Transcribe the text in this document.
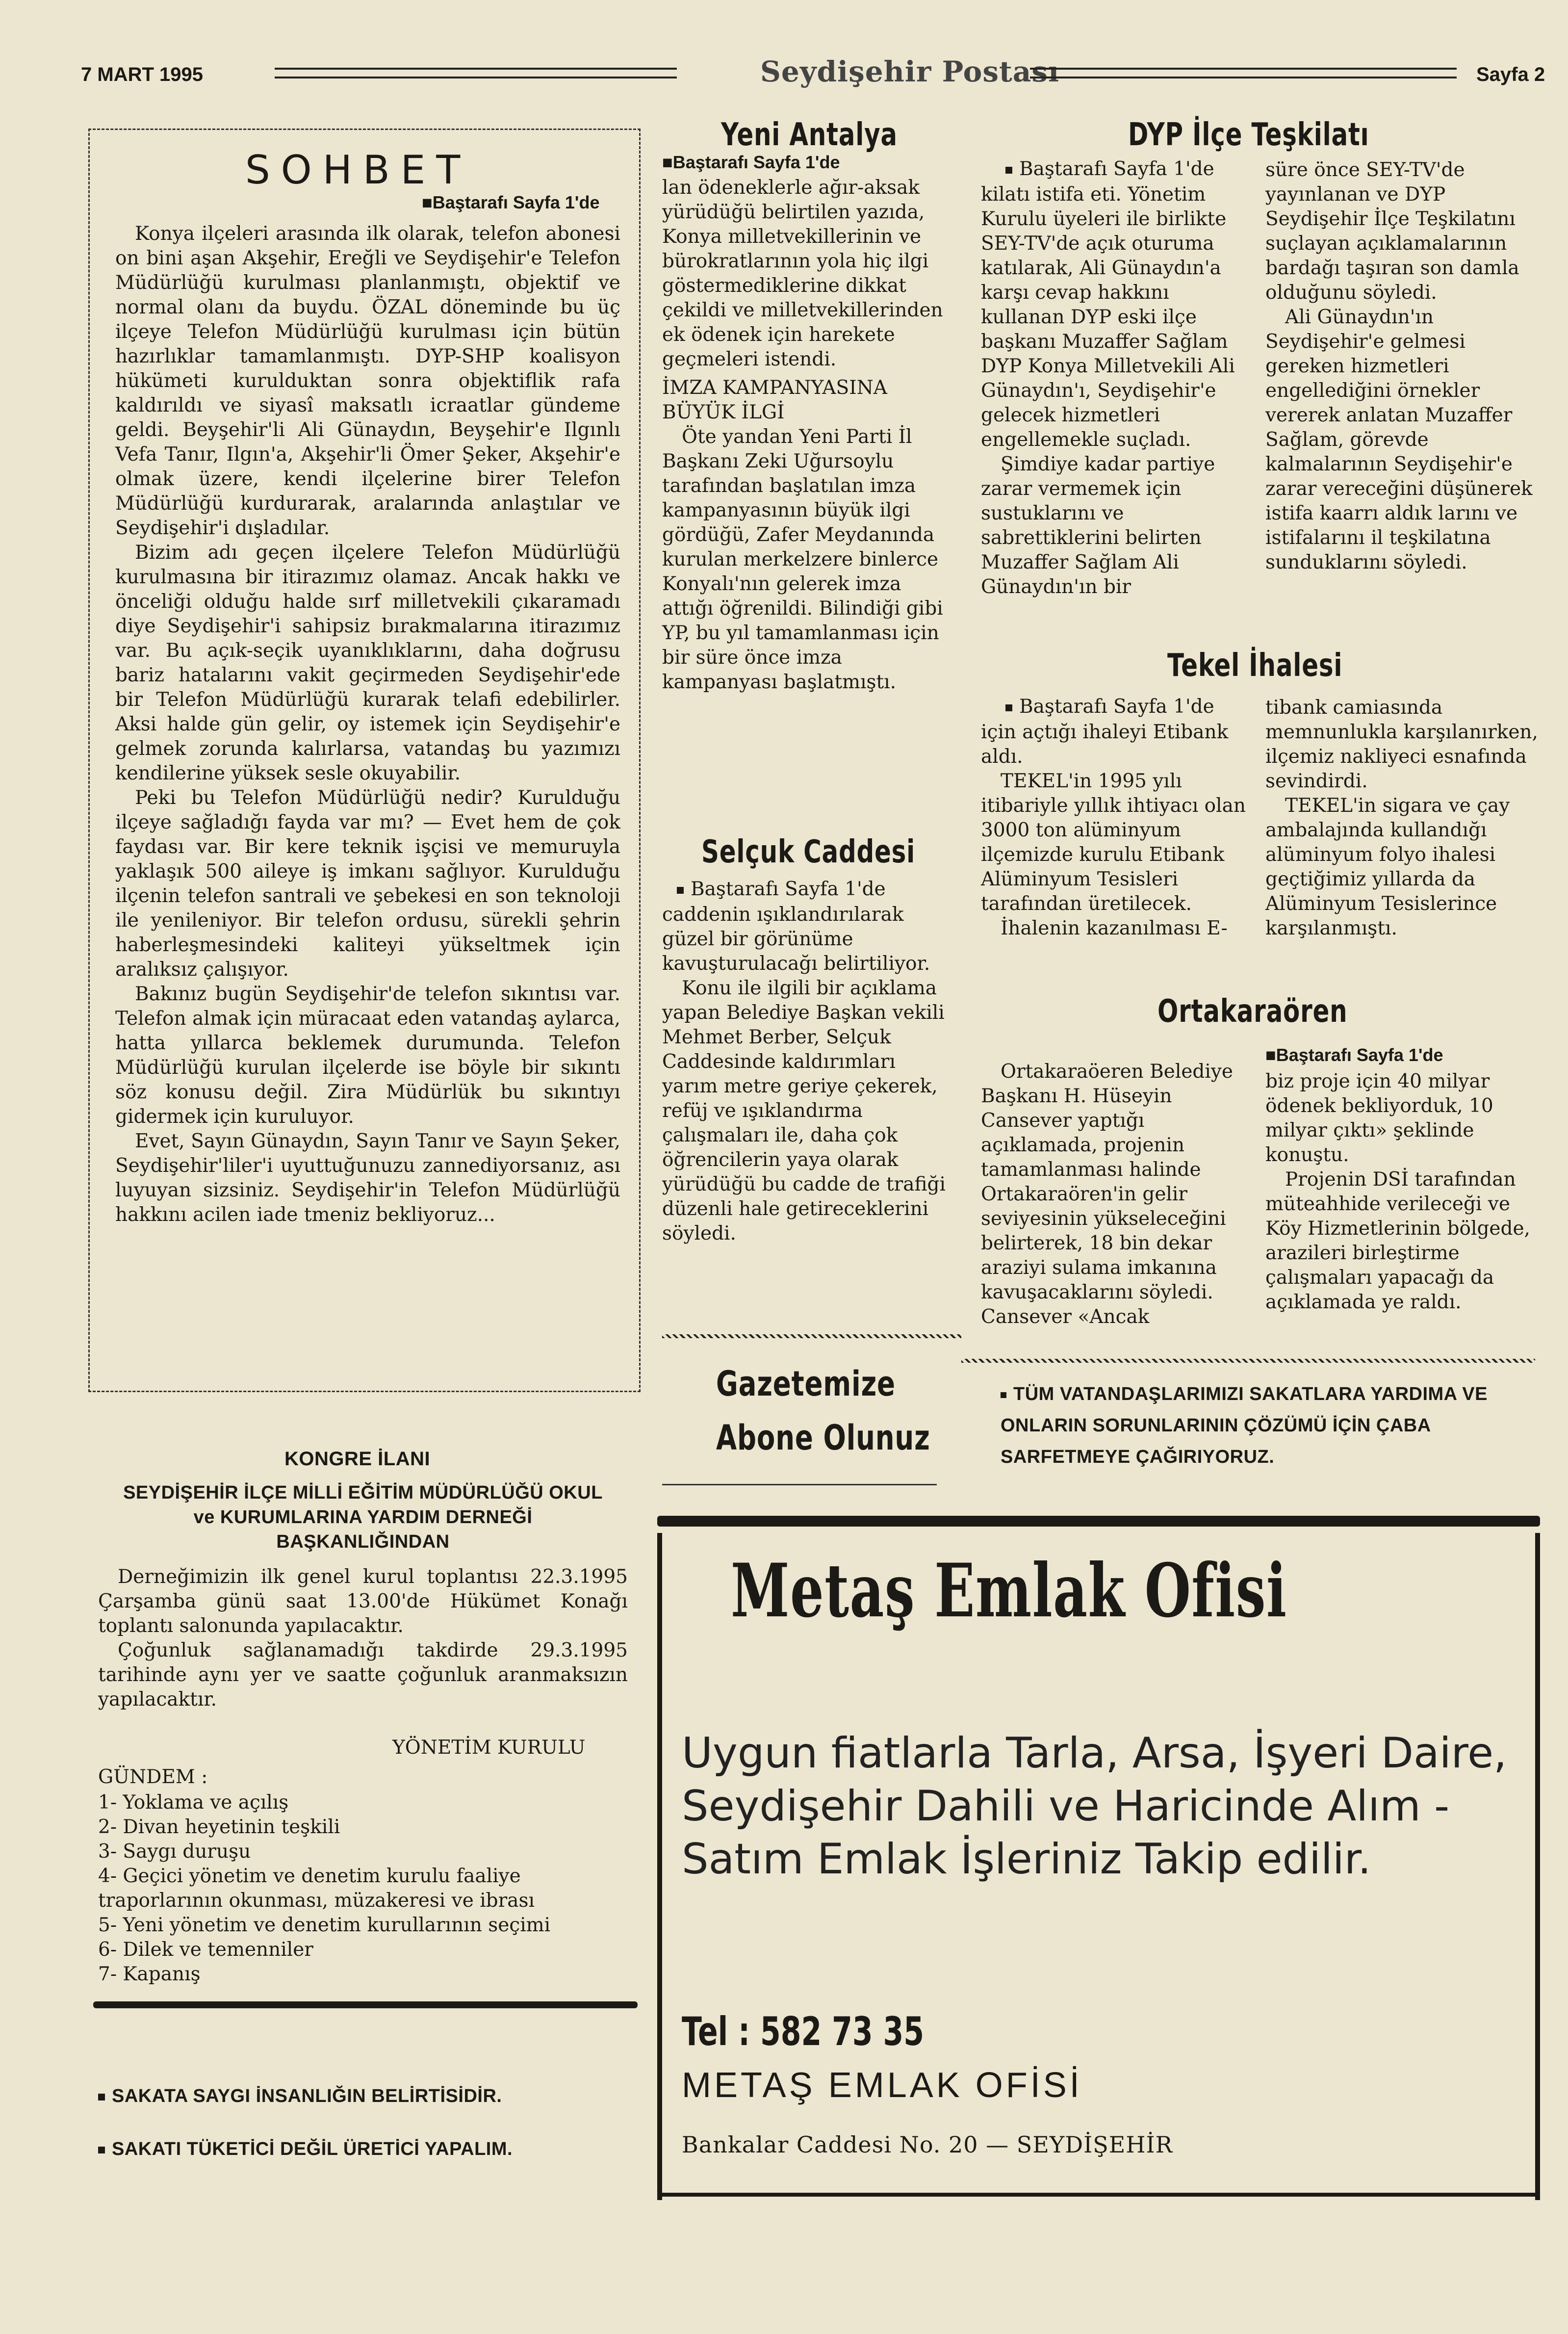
7 MART 1995	Seydişehir Postası	Sayfa 2
SOHBET
■Baştarafı Sayfa 1'de

Konya ilçeleri arasında ilk olarak, telefon abonesi on bini aşan Akşehir, Ereğli ve Seydişehir'e Telefon Müdürlüğü kurulması planlanmıştı, objektif ve normal olanı da buydu. ÖZAL döneminde bu üç ilçeye Telefon Müdürlüğü kurulması için bütün hazırlıklar tamamlanmıştı. DYP-SHP koalisyon hükümeti kurulduktan sonra objektiflik rafa kaldırıldı ve siyasî maksatlı icraatlar gündeme geldi. Beyşehir'li Ali Günaydın, Beyşehir'e Ilgınlı Vefa Tanır, Ilgın'a, Akşehir'li Ömer Şeker, Akşehir'e olmak üzere, kendi ilçelerine birer Telefon Müdürlüğü kurdurarak, aralarında anlaştılar ve Seydişehir'i dışladılar.

Bizim adı geçen ilçelere Telefon Müdürlüğü kurulmasına bir itirazımız olamaz. Ancak hakkı ve önceliği olduğu halde sırf milletvekili çıkaramadı diye Seydişehir'i sahipsiz bırakmalarına itirazımız var. Bu açık-seçik uyanıklıklarını, daha doğrusu bariz hatalarını vakit geçirmeden Seydişehir'ede bir Telefon Müdürlüğü kurarak telafi edebilirler. Aksi halde gün gelir, oy istemek için Seydişehir'e gelmek zorunda kalırlarsa, vatandaş bu yazımızı kendilerine yüksek sesle okuyabilir.

Peki bu Telefon Müdürlüğü nedir? Kurulduğu ilçeye sağladığı fayda var mı? — Evet hem de çok faydası var. Bir kere teknik işçisi ve memuruyla yaklaşık 500 aileye iş imkanı sağlıyor. Kurulduğu ilçenin telefon santrali ve şebekesi en son teknoloji ile yenileniyor. Bir telefon ordusu, sürekli şehrin haberleşmesindeki kaliteyi yükseltmek için aralıksız çalışıyor.

Bakınız bugün Seydişehir'de telefon sıkıntısı var. Telefon almak için müracaat eden vatandaş aylarca, hatta yıllarca beklemek durumunda. Telefon Müdürlüğü kurulan ilçelerde ise böyle bir sıkıntı söz konusu değil. Zira Müdürlük bu sıkıntıyı gidermek için kuruluyor.

Evet, Sayın Günaydın, Sayın Tanır ve Sayın Şeker, Seydişehir'liler'i uyuttuğunuzu zannediyorsanız, ası luyuyan sizsiniz. Seydişehir'in Telefon Müdürlüğü hakkını acilen iade tmeniz bekliyoruz...

KONGRE İLANI
SEYDİŞEHİR İLÇE MİLLİ EĞİTİM MÜDÜRLÜĞÜ OKUL ve KURUMLARINA YARDIM DERNEĞİ BAŞKANLIĞINDAN

Derneğimizin ilk genel kurul toplantısı 22.3.1995 Çarşamba günü saat 13.00'de Hükümet Konağı toplantı salonunda yapılacaktır.

Çoğunluk sağlanamadığı takdirde 29.3.1995 tarihinde aynı yer ve saatte çoğunluk aranmaksızın yapılacaktır.

YÖNETİM KURULU
GÜNDEM :
1- Yoklama ve açılış
2- Divan heyetinin teşkili
3- Saygı duruşu
4- Geçici yönetim ve denetim kurulu faaliye traporlarının okunması, müzakeresi ve ibrası
5- Yeni yönetim ve denetim kurullarının seçimi
6- Dilek ve temenniler
7- Kapanış
SAKATA SAYGI İNSANLIĞIN BELİRTİSİDİR.
SAKATI TÜKETİCİ DEĞİL ÜRETİCİ YAPALIM.
Yeni Antalya
■Baştarafı Sayfa 1'de

lan ödeneklerle ağır-aksak yürüdüğü belirtilen yazıda, Konya milletvekillerinin ve bürokratlarının yola hiç ilgi göstermediklerine dikkat çekildi ve milletvekillerinden ek ödenek için harekete geçmeleri istendi.

İMZA KAMPANYASINA BÜYÜK İLGİ

Öte yandan Yeni Parti İl Başkanı Zeki Uğursoylu tarafından başlatılan imza kampanyasının büyük ilgi gördüğü, Zafer Meydanında kurulan merkelzere binlerce Konyalı'nın gelerek imza attığı öğrenildi. Bilindiği gibi YP, bu yıl tamamlanması için bir süre önce imza kampanyası başlatmıştı.

Selçuk Caddesi
Baştarafı Sayfa 1'de

caddenin ışıklandırılarak güzel bir görünüme kavuşturulacağı belirtiliyor.

Konu ile ilgili bir açıklama yapan Belediye Başkan vekili Mehmet Berber, Selçuk Caddesinde kaldırımları yarım metre geriye çekerek, refüj ve ışıklandırma çalışmaları ile, daha çok öğrencilerin yaya olarak yürüdüğü bu cadde de trafiği düzenli hale getireceklerini söyledi.

Gazetemize
Abone Olunuz
DYP İlçe Teşkilatı
Baştarafı Sayfa 1'de

kilatı istifa eti. Yönetim Kurulu üyeleri ile birlikte SEY-TV'de açık oturuma katılarak, Ali Günaydın'a karşı cevap hakkını kullanan DYP eski ilçe başkanı Muzaffer Sağlam DYP Konya Milletvekili Ali Günaydın'ı, Seydişehir'e gelecek hizmetleri engellemekle suçladı.

Şimdiye kadar partiye zarar vermemek için sustuklarını ve sabrettiklerini belirten Muzaffer Sağlam Ali Günaydın'ın bir

süre önce SEY-TV'de yayınlanan ve DYP Seydişehir İlçe Teşkilatını suçlayan açıklamalarının bardağı taşıran son damla olduğunu söyledi.

Ali Günaydın'ın Seydişehir'e gelmesi gereken hizmetleri engellediğini örnekler vererek anlatan Muzaffer Sağlam, görevde kalmalarının Seydişehir'e zarar vereceğini düşünerek istifa kaarrı aldık larını ve istifalarını il teşkilatına sunduklarını söyledi.

Tekel İhalesi
Baştarafı Sayfa 1'de

için açtığı ihaleyi Etibank aldı.

TEKEL'in 1995 yılı itibariyle yıllık ihtiyacı olan 3000 ton alüminyum ilçemizde kurulu Etibank Alüminyum Tesisleri tarafından üretilecek.

İhalenin kazanılması E-

tibank camiasında memnunlukla karşılanırken, ilçemiz nakliyeci esnafında sevindirdi.

TEKEL'in sigara ve çay ambalajında kullandığı alüminyum folyo ihalesi geçtiğimiz yıllarda da Alüminyum Tesislerince karşılanmıştı.

Ortakaraören

Ortakaraöeren Belediye Başkanı H. Hüseyin Cansever yaptığı açıklamada, projenin tamamlanması halinde Ortakaraören'in gelir seviyesinin yükseleceğini belirterek, 18 bin dekar araziyi sulama imkanına kavuşacaklarını söyledi. Cansever «Ancak

■Baştarafı Sayfa 1'de

biz proje için 40 milyar ödenek bekliyorduk, 10 milyar çıktı» şeklinde konuştu.

Projenin DSİ tarafından müteahhide verileceği ve Köy Hizmetlerinin bölgede, arazileri birleştirme çalışmaları yapacağı da açıklamada ye raldı.

TÜM VATANDAŞLARIMIZI SAKATLARA YARDIMA VE ONLARIN SORUNLARININ ÇÖZÜMÜ İÇİN ÇABA SARFETMEYE ÇAĞIRIYORUZ.
Metaş Emlak Ofisi
Uygun fiatlarla Tarla, Arsa, İşyeri Daire, Seydişehir Dahili ve Haricinde Alım - Satım Emlak İşleriniz Takip edilir.
Tel : 582 73 35
METAŞ EMLAK OFİSİ
Bankalar Caddesi No. 20 — SEYDİŞEHİR
